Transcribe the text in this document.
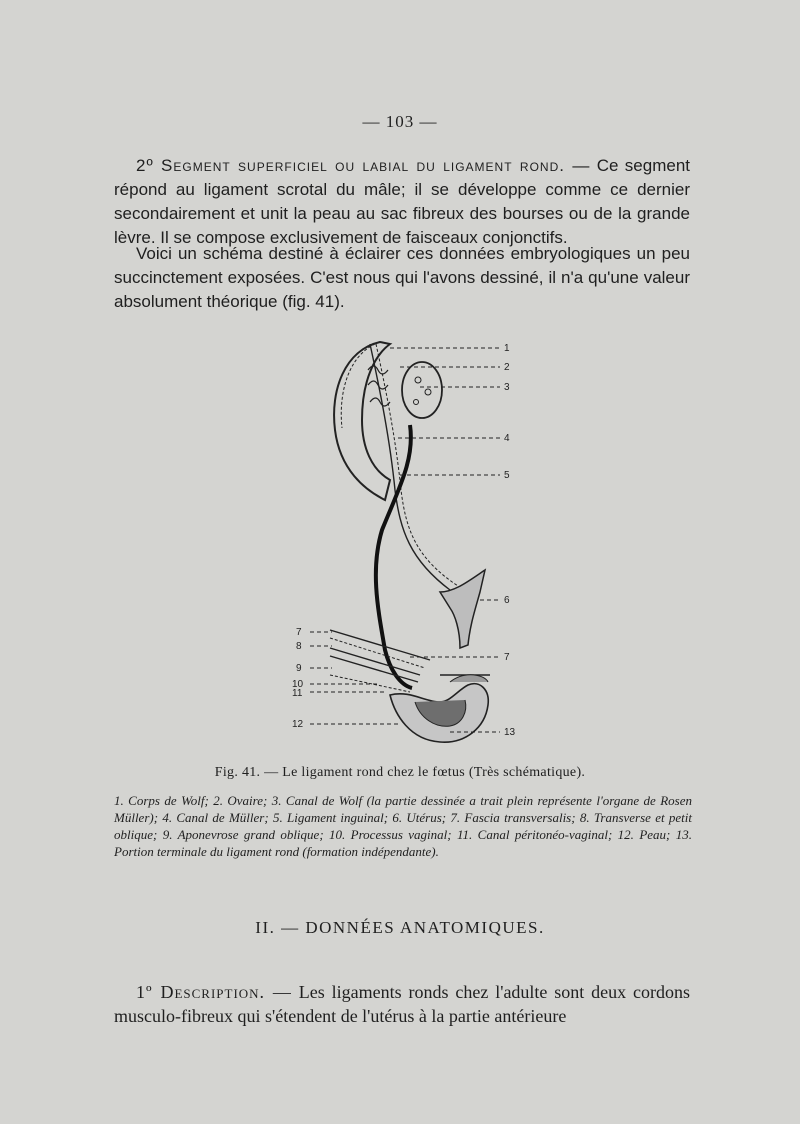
— 103 —

2º Segment superficiel ou labial du ligament rond. — Ce segment répond au ligament scrotal du mâle; il se développe comme ce dernier secondairement et unit la peau au sac fibreux des bourses ou de la grande lèvre. Il se compose exclusivement de faisceaux conjonctifs.

Voici un schéma destiné à éclairer ces données embryologiques un peu succinctement exposées. C'est nous qui l'avons dessiné, il n'a qu'une valeur absolument théorique (fig. 41).

1
2
3
4
5
6
7
8
7
9
10
11
12
13
Fig. 41. — Le ligament rond chez le fœtus (Très schématique).

1. Corps de Wolf; 2. Ovaire; 3. Canal de Wolf (la partie dessinée a trait plein représente l'organe de Rosen Müller); 4. Canal de Müller; 5. Ligament inguinal; 6. Utérus; 7. Fascia transversalis; 8. Transverse et petit oblique; 9. Aponevrose grand oblique; 10. Processus vaginal; 11. Canal péritonéo-vaginal; 12. Peau; 13. Portion terminale du ligament rond (formation indépendante).

II. — DONNÉES ANATOMIQUES.

1º Description. — Les ligaments ronds chez l'adulte sont deux cordons musculo-fibreux qui s'étendent de l'utérus à la partie antérieure
